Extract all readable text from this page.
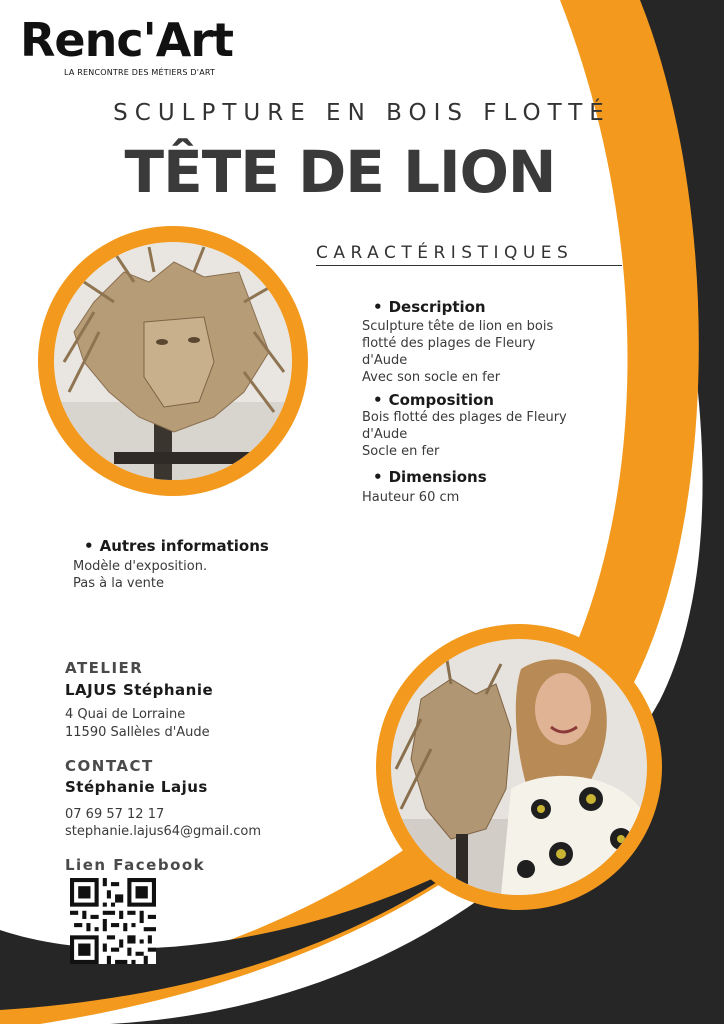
Renc'Art
LA RENCONTRE DES MÉTIERS D'ART
SCULPTURE EN BOIS FLOTTÉ
TÊTE DE LION
CARACTÉRISTIQUES
• Description
Sculpture tête de lion en bois
flotté des plages de Fleury
d'Aude
Avec son socle en fer
• Composition
Bois flotté des plages de Fleury
d'Aude
Socle en fer
• Dimensions
Hauteur 60 cm
• Autres informations
Modèle d'exposition.
Pas à la vente
ATELIER
LAJUS Stéphanie
4 Quai de Lorraine
11590 Sallèles d'Aude
CONTACT
Stéphanie Lajus
07 69 57 12 17
stephanie.lajus64@gmail.com
Lien Facebook
